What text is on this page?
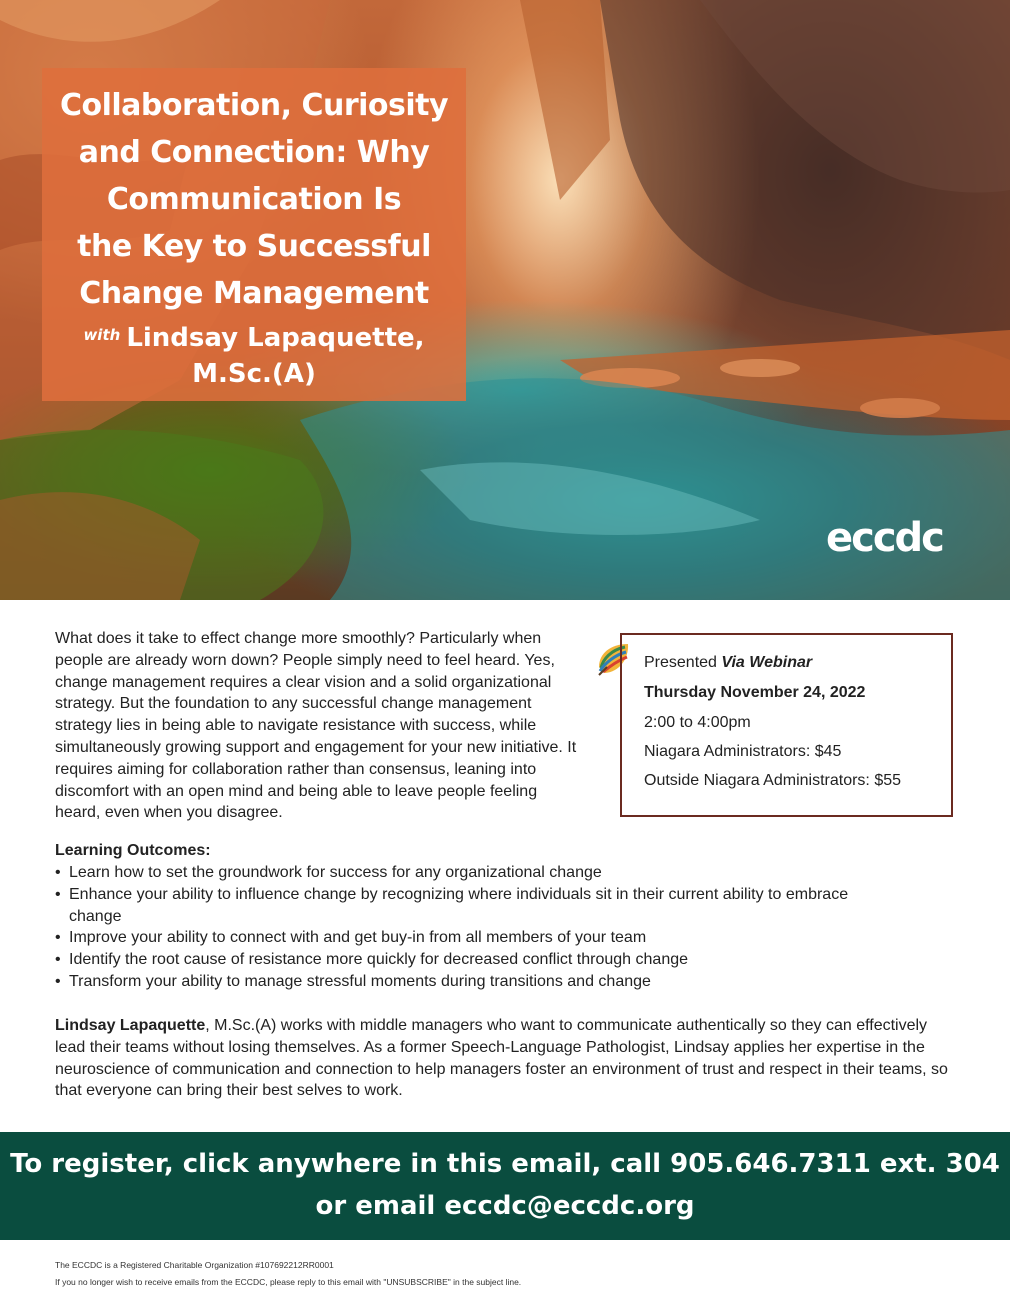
Collaboration, Curiosity
and Connection: Why
Communication Is
the Key to Successful
Change Management
$^{with}$ Lindsay Lapaquette,
M.Sc.(A)
eccdc

What does it take to effect change more smoothly? Particularly when people are already worn down? People simply need to feel heard. Yes, change management requires a clear vision and a solid organizational strategy. But the foundation to any successful change management strategy lies in being able to navigate resistance with success, while simultaneously growing support and engagement for your new initiative. It requires aiming for collaboration rather than consensus, leaning into discomfort with an open mind and being able to leave people feeling heard, even when you disagree.

Presented Via Webinar
Thursday November 24, 2022
2:00 to 4:00pm
Niagara Administrators: $45
Outside Niagara Administrators: $55

Learning Outcomes:

• Learn how to set the groundwork for success for any organizational change
• Enhance your ability to influence change by recognizing where individuals sit in their current ability to embrace change
• Improve your ability to connect with and get buy-in from all members of your team
• Identify the root cause of resistance more quickly for decreased conflict through change
• Transform your ability to manage stressful moments during transitions and change

Lindsay Lapaquette, M.Sc.(A) works with middle managers who want to communicate authentically so they can effectively lead their teams without losing themselves. As a former Speech-Language Pathologist, Lindsay applies her expertise in the neuroscience of communication and connection to help managers foster an environment of trust and respect in their teams, so that everyone can bring their best selves to work.

To register, click anywhere in this email, call 905.646.7311 ext. 304
or email eccdc@eccdc.org
The ECCDC is a Registered Charitable Organization #107692212RR0001
If you no longer wish to receive emails from the ECCDC, please reply to this email with "UNSUBSCRIBE" in the subject line.
